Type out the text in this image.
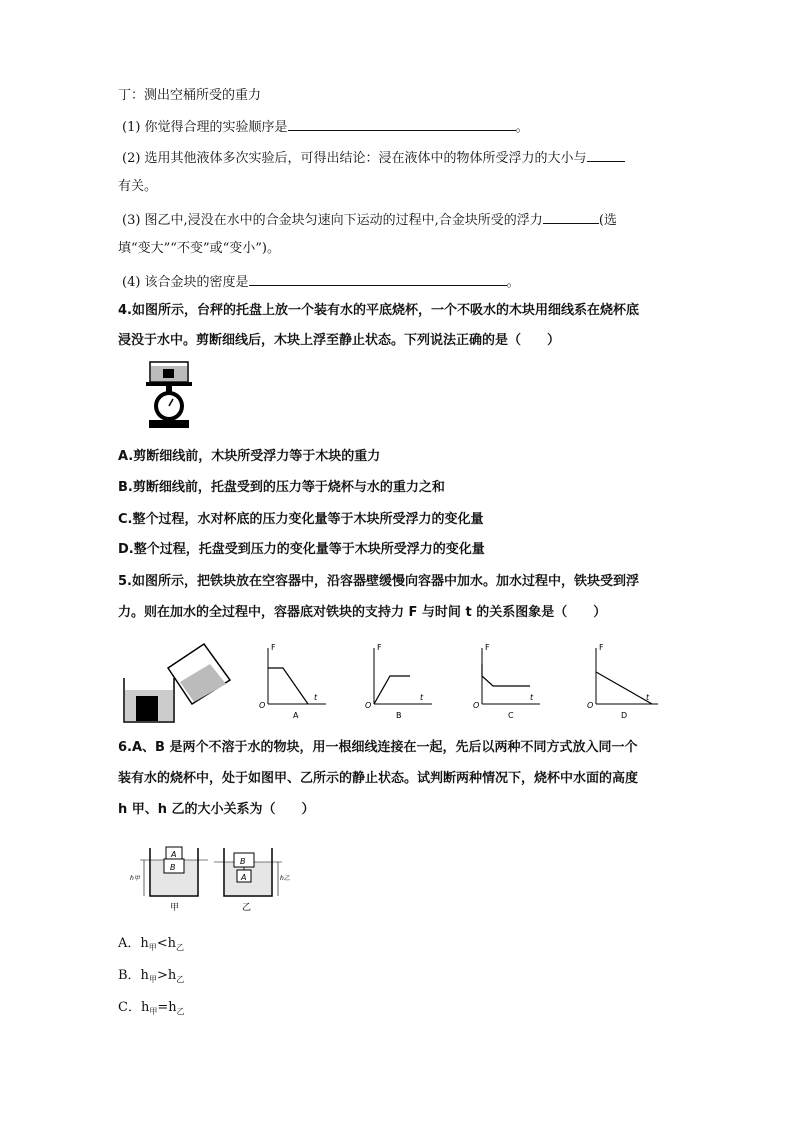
丁：测出空桶所受的重力
(1) 你觉得合理的实验顺序是	。
(2) 选用其他液体多次实验后，可得出结论：浸在液体中的物体所受浮力的大小与
有关。
(3) 图乙中,浸没在水中的合金块匀速向下运动的过程中,合金块所受的浮力	(选
填“变大”“不变”或“变小”)。
(4) 该合金块的密度是	。
4.如图所示，台秤的托盘上放一个装有水的平底烧杯，一个不吸水的木块用细线系在烧杯底
浸没于水中。剪断细线后，木块上浮至静止状态。下列说法正确的是（　　）
A.剪断细线前，木块所受浮力等于木块的重力
B.剪断细线前，托盘受到的压力等于烧杯与水的重力之和
C.整个过程，水对杯底的压力变化量等于木块所受浮力的变化量
D.整个过程，托盘受到压力的变化量等于木块所受浮力的变化量
5.如图所示，把铁块放在空容器中，沿容器壁缓慢向容器中加水。加水过程中，铁块受到浮
力。则在加水的全过程中，容器底对铁块的支持力 F 与时间 t 的关系图象是（　　）
F
t
O
A
F
t
O
B
F
t
O
C
F
t
O
D
6.A、B 是两个不溶于水的物块，用一根细线连接在一起，先后以两种不同方式放入同一个
装有水的烧杯中，处于如图甲、乙所示的静止状态。试判断两种情况下，烧杯中水面的高度
h 甲、h 乙的大小关系为（　　）
A
B
h甲
甲
B
A	h乙
乙
A．$h_甲<h_乙$
B．$h_甲>h_乙$
C．$h_甲=h_乙$
